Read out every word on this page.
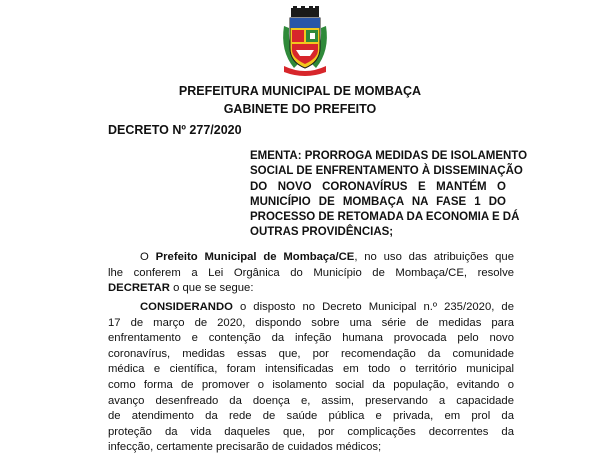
PREFEITURA MUNICIPAL DE MOMBAÇA
GABINETE DO PREFEITO
DECRETO Nº 277/2020
EMENTA: PRORROGA MEDIDAS DE ISOLAMENTO
SOCIAL DE ENFRENTAMENTO À DISSEMINAÇÃO
DO NOVO CORONAVÍRUS E MANTÉM O
MUNICÍPIO DE MOMBAÇA NA FASE 1 DO
PROCESSO DE RETOMADA DA ECONOMIA E DÁ
OUTRAS PROVIDÊNCIAS;
O Prefeito Municipal de Mombaça/CE, no uso das atribuições que
lhe conferem a Lei Orgânica do Município de Mombaça/CE, resolve
DECRETAR o que se segue:
CONSIDERANDO o disposto no Decreto Municipal n.º 235/2020, de
17 de março de 2020, dispondo sobre uma série de medidas para
enfrentamento e contenção da infeção humana provocada pelo novo
coronavírus, medidas essas que, por recomendação da comunidade
médica e científica, foram intensificadas em todo o território municipal
como forma de promover o isolamento social da população, evitando o
avanço desenfreado da doença e, assim, preservando a capacidade
de atendimento da rede de saúde pública e privada, em prol da
proteção da vida daqueles que, por complicações decorrentes da
infecção, certamente precisarão de cuidados médicos;
